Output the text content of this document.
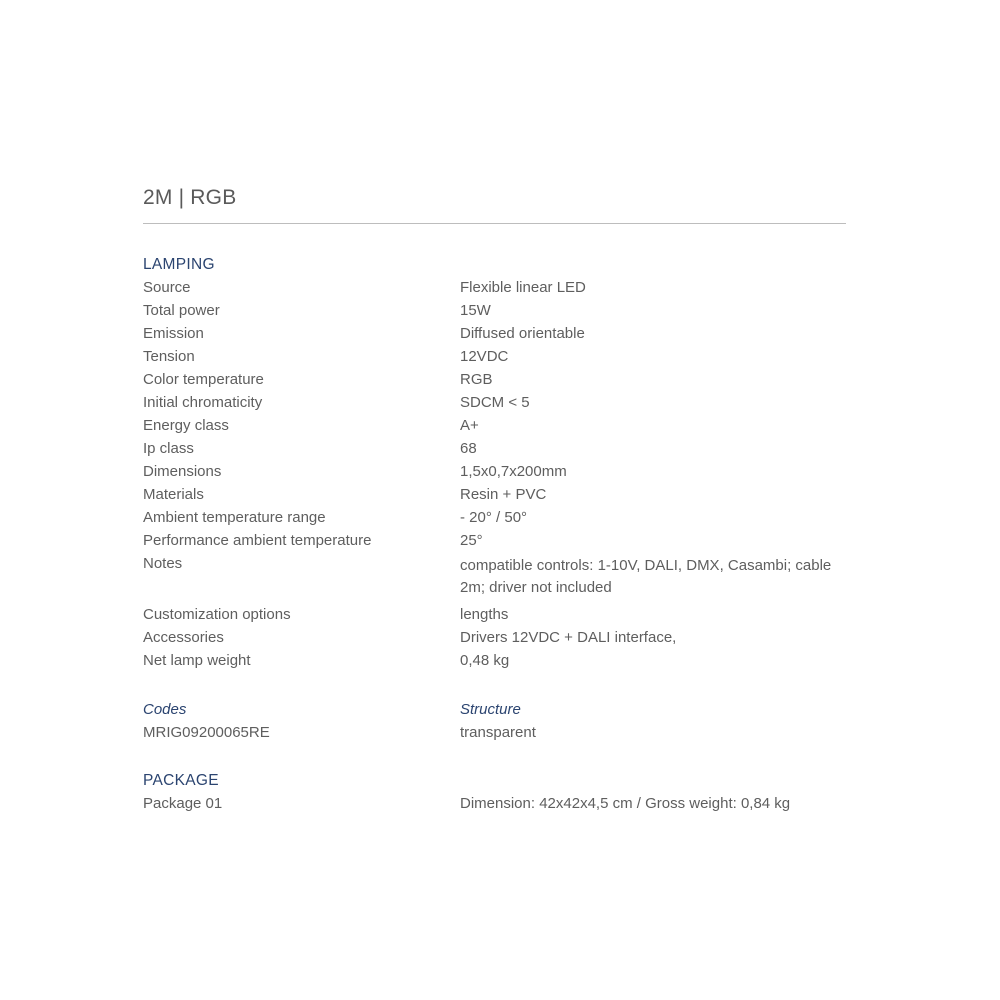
2M | RGB
LAMPING
Source	Flexible linear LED
Total power	15W
Emission	Diffused orientable
Tension	12VDC
Color temperature	RGB
Initial chromaticity	SDCM < 5
Energy class	A+
Ip class	68
Dimensions	1,5x0,7x200mm
Materials	Resin + PVC
Ambient temperature range	- 20° / 50°
Performance ambient temperature	25°
Notes	compatible controls: 1-10V, DALI, DMX, Casambi; cable 2m; driver not included
Customization options	lengths
Accessories	Drivers 12VDC + DALI interface,
Net lamp weight	0,48 kg
Codes	Structure
MRIG09200065RE	transparent
PACKAGE
Package 01	Dimension: 42x42x4,5 cm / Gross weight: 0,84 kg
